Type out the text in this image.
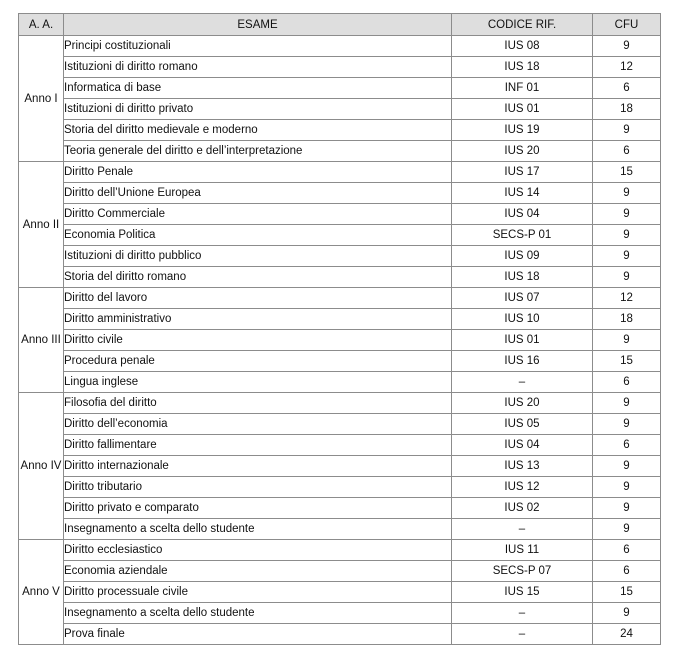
A. A.	ESAME	CODICE RIF.	CFU
Anno I	Principi costituzionali	IUS 08	9
	Istituzioni di diritto romano	IUS 18	12
	Informatica di base	INF 01	6
	Istituzioni di diritto privato	IUS 01	18
	Storia del diritto medievale e moderno	IUS 19	9
	Teoria generale del diritto e dell’interpretazione	IUS 20	6
Anno II	Diritto Penale	IUS 17	15
	Diritto dell’Unione Europea	IUS 14	9
	Diritto Commerciale	IUS 04	9
	Economia Politica	SECS-P 01	9
	Istituzioni di diritto pubblico	IUS 09	9
	Storia del diritto romano	IUS 18	9
Anno III	Diritto del lavoro	IUS 07	12
	Diritto amministrativo	IUS 10	18
	Diritto civile	IUS 01	9
	Procedura penale	IUS 16	15
	Lingua inglese	–	6
Anno IV	Filosofia del diritto	IUS 20	9
	Diritto dell’economia	IUS 05	9
	Diritto fallimentare	IUS 04	6
	Diritto internazionale	IUS 13	9
	Diritto tributario	IUS 12	9
	Diritto privato e comparato	IUS 02	9
	Insegnamento a scelta dello studente	–	9
Anno V	Diritto ecclesiastico	IUS 11	6
	Economia aziendale	SECS-P 07	6
	Diritto processuale civile	IUS 15	15
	Insegnamento a scelta dello studente	–	9
	Prova finale	–	24
